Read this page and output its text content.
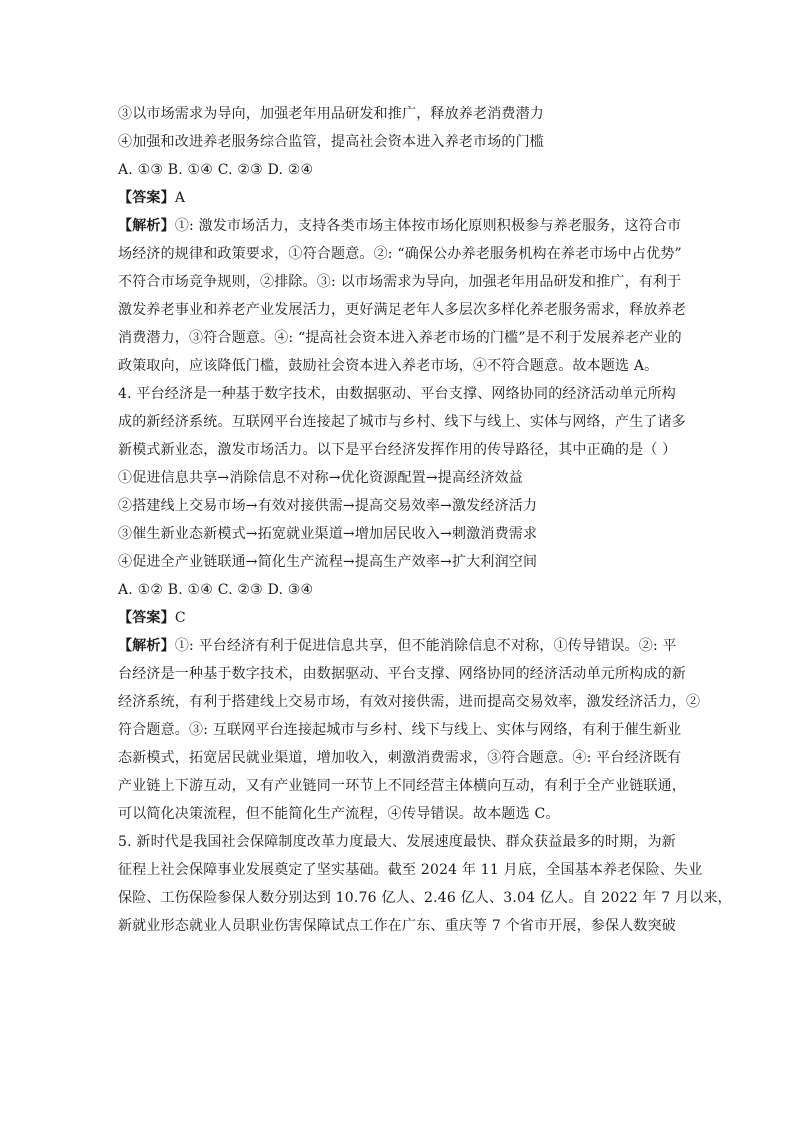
③以市场需求为导向，加强老年用品研发和推广，释放养老消费潜力
④加强和改进养老服务综合监管，提高社会资本进入养老市场的门槛
A. ①③ B. ①④ C. ②③ D. ②④
【答案】A
【解析】①: 激发市场活力，支持各类市场主体按市场化原则积极参与养老服务，这符合市
场经济的规律和政策要求，①符合题意。②: “确保公办养老服务机构在养老市场中占优势”
不符合市场竞争规则，②排除。③: 以市场需求为导向，加强老年用品研发和推广，有利于
激发养老事业和养老产业发展活力，更好满足老年人多层次多样化养老服务需求，释放养老
消费潜力，③符合题意。④: “提高社会资本进入养老市场的门槛”是不利于发展养老产业的
政策取向，应该降低门槛，鼓励社会资本进入养老市场，④不符合题意。故本题选 A。
4. 平台经济是一种基于数字技术，由数据驱动、平台支撑、网络协同的经济活动单元所构
成的新经济系统。互联网平台连接起了城市与乡村、线下与线上、实体与网络，产生了诸多
新模式新业态，激发市场活力。以下是平台经济发挥作用的传导路径，其中正确的是（ ）
①促进信息共享→消除信息不对称→优化资源配置→提高经济效益
②搭建线上交易市场→有效对接供需→提高交易效率→激发经济活力
③催生新业态新模式→拓宽就业渠道→增加居民收入→刺激消费需求
④促进全产业链联通→简化生产流程→提高生产效率→扩大利润空间
A. ①② B. ①④ C. ②③ D. ③④
【答案】C
【解析】①: 平台经济有利于促进信息共享，但不能消除信息不对称，①传导错误。②: 平
台经济是一种基于数字技术，由数据驱动、平台支撑、网络协同的经济活动单元所构成的新
经济系统，有利于搭建线上交易市场，有效对接供需，进而提高交易效率，激发经济活力，②
符合题意。③: 互联网平台连接起城市与乡村、线下与线上、实体与网络，有利于催生新业
态新模式，拓宽居民就业渠道，增加收入，刺激消费需求，③符合题意。④: 平台经济既有
产业链上下游互动，又有产业链同一环节上不同经营主体横向互动，有利于全产业链联通，
可以简化决策流程，但不能简化生产流程，④传导错误。故本题选 C。
5. 新时代是我国社会保障制度改革力度最大、发展速度最快、群众获益最多的时期，为新
征程上社会保障事业发展奠定了坚实基础。截至 2024 年 11 月底，全国基本养老保险、失业
保险、工伤保险参保人数分别达到 10.76 亿人、2.46 亿人、3.04 亿人。自 2022 年 7 月以来，
新就业形态就业人员职业伤害保障试点工作在广东、重庆等 7 个省市开展，参保人数突破
